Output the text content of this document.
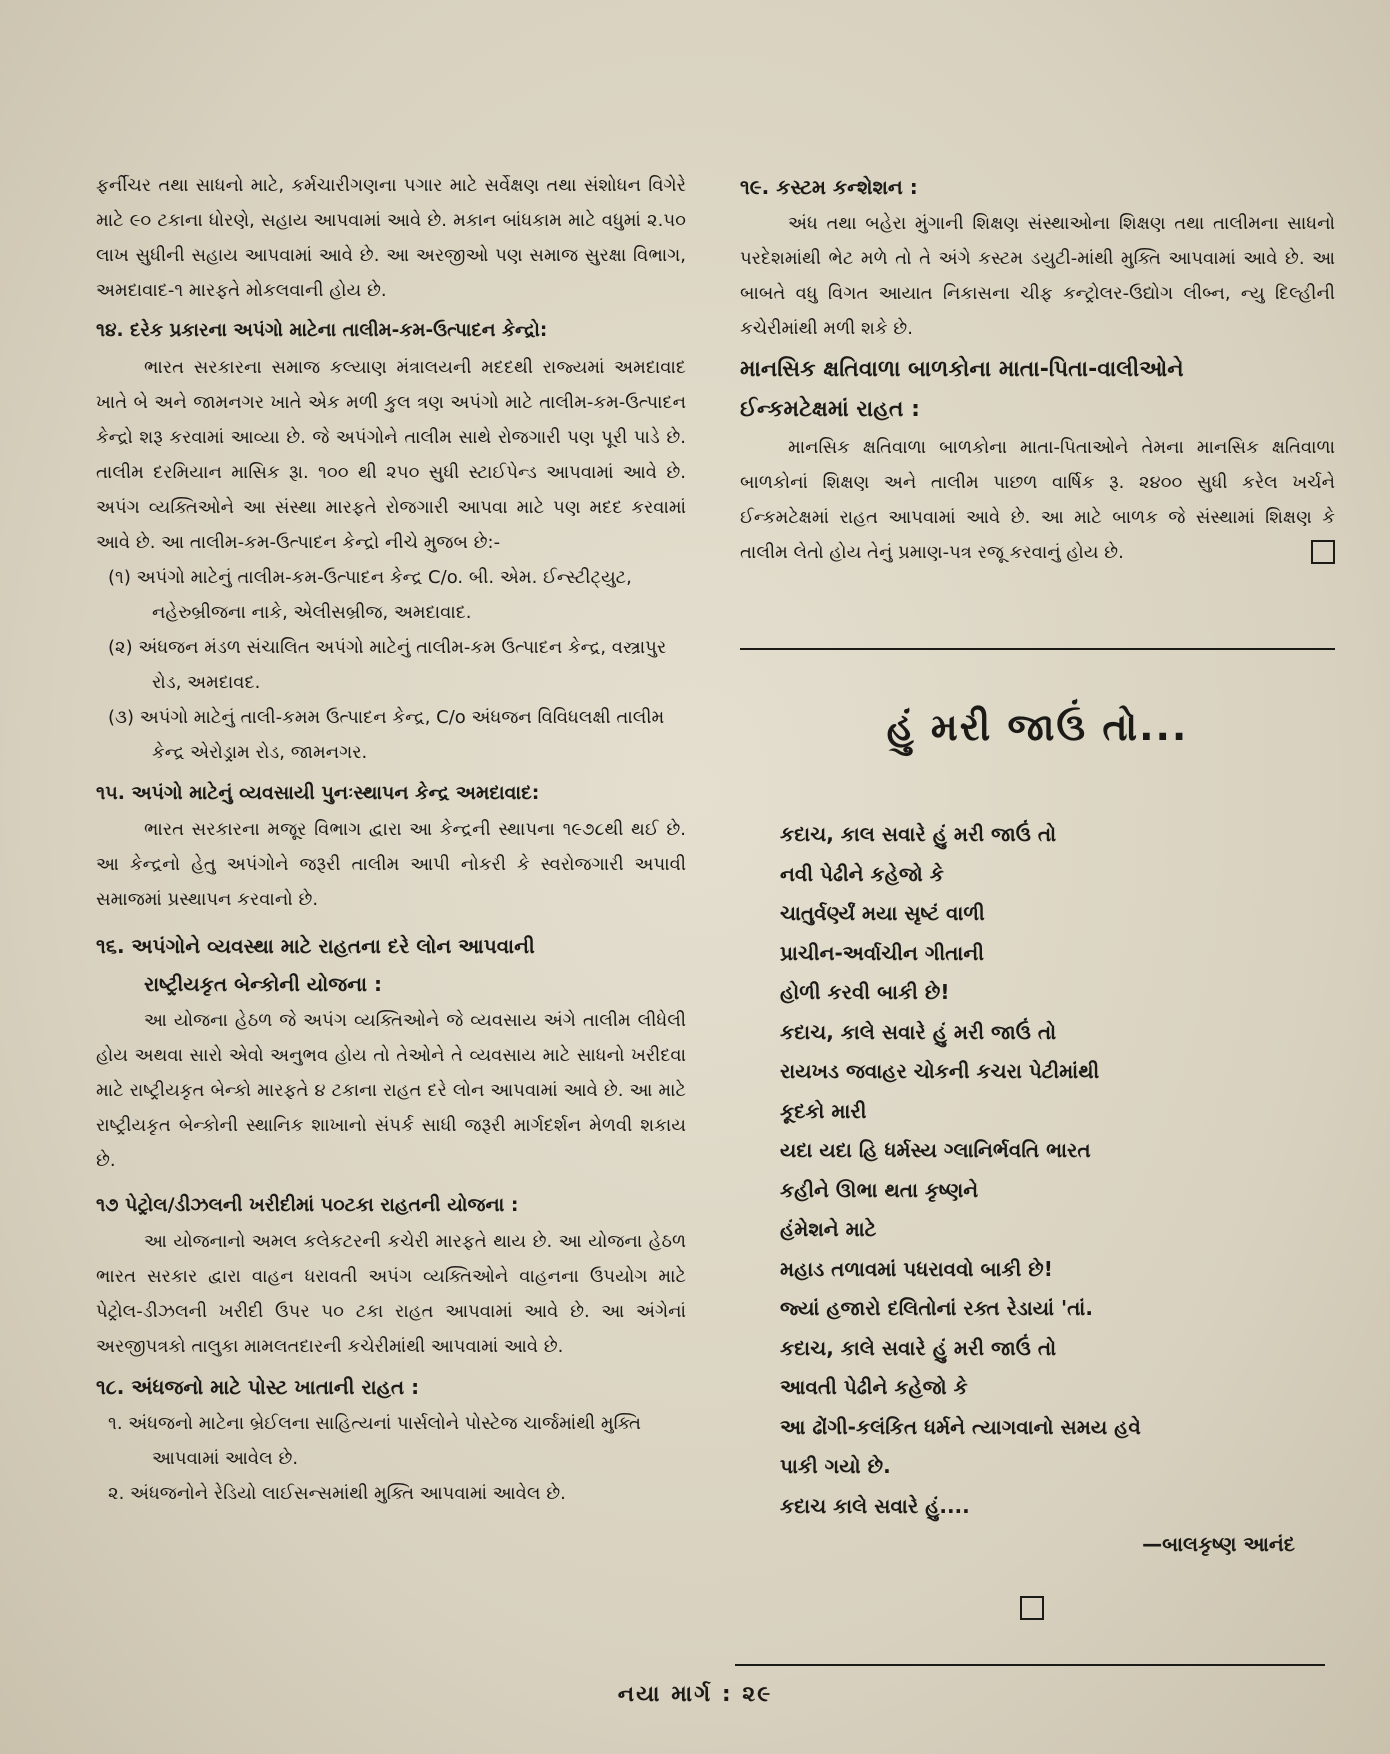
ફર્નીચર તથા સાધનો માટે, કર્મચારીગણના પગાર માટે સર્વેક્ષણ તથા સંશોધન વિગેરે માટે ૯૦ ટકાના ધોરણે, સહાય આપવામાં આવે છે. મકાન બાંધકામ માટે વધુમાં ૨.૫૦ લાખ સુધીની સહાય આપવામાં આવે છે. આ અરજીઓ પણ સમાજ સુરક્ષા વિભાગ, અમદાવાદ-૧ મારફતે મોકલવાની હોય છે.

૧૪. દરેક પ્રકારના અપંગો માટેના તાલીમ-કમ-ઉત્પાદન કેન્દ્રો:

ભારત સરકારના સમાજ કલ્યાણ મંત્રાલયની મદદથી રાજ્યમાં અમદાવાદ ખાતે બે અને જામનગર ખાતે એક મળી કુલ ત્રણ અપંગો માટે તાલીમ-કમ-ઉત્પાદન કેન્દ્રો શરૂ કરવામાં આવ્યા છે. જે અપંગોને તાલીમ સાથે રોજગારી પણ પૂરી પાડે છે. તાલીમ દરમિયાન માસિક રૂા. ૧૦૦ થી ૨૫૦ સુધી સ્ટાઈપેન્ડ આપવામાં આવે છે. અપંગ વ્યક્તિઓને આ સંસ્થા મારફતે રોજગારી આપવા માટે પણ મદદ કરવામાં આવે છે. આ તાલીમ-કમ-ઉત્પાદન કેન્દ્રો નીચે મુજબ છે:-

(૧) અપંગો માટેનું તાલીમ-કમ-ઉત્પાદન કેન્દ્ર C/o. બી. એમ. ઈન્સ્ટીટ્યુટ, નહેરુબ્રીજના નાકે, એલીસબ્રીજ, અમદાવાદ.
(૨) અંધજન મંડળ સંચાલિત અપંગો માટેનું તાલીમ-કમ ઉત્પાદન કેન્દ્ર, વસ્ત્રાપુર રોડ, અમદાવદ.
(૩) અપંગો માટેનું તાલી-કમમ ઉત્પાદન કેન્દ્ર, C/o અંધજન વિવિધલક્ષી તાલીમ કેન્દ્ર એરોડ્રામ રોડ, જામનગર.
૧૫. અપંગો માટેનું વ્યવસાયી પુનઃસ્થાપન કેન્દ્ર અમદાવાદ:

ભારત સરકારના મજૂર વિભાગ દ્વારા આ કેન્દ્રની સ્થાપના ૧૯૭૮થી થઈ છે. આ કેન્દ્રનો હેતુ અપંગોને જરૂરી તાલીમ આપી નોકરી કે સ્વરોજગારી અપાવી સમાજમાં પ્રસ્થાપન કરવાનો છે.

૧૬. અપંગોને વ્યવસ્થા માટે રાહતના દરે લોન આપવાની
રાષ્ટ્રીયકૃત બેન્કોની યોજના :

આ યોજના હેઠળ જે અપંગ વ્યક્તિઓને જે વ્યવસાય અંગે તાલીમ લીધેલી હોય અથવા સારો એવો અનુભવ હોય તો તેઓને તે વ્યવસાય માટે સાધનો ખરીદવા માટે રાષ્ટ્રીયકૃત બેન્કો મારફતે ૪ ટકાના રાહત દરે લોન આપવામાં આવે છે. આ માટે રાષ્ટ્રીયકૃત બેન્કોની સ્થાનિક શાખાનો સંપર્ક સાધી જરૂરી માર્ગદર્શન મેળવી શકાય છે.

૧૭ પેટ્રોલ/ડીઝલની ખરીદીમાં ૫૦ટકા રાહતની યોજના :

આ યોજનાનો અમલ કલેકટરની કચેરી મારફતે થાય છે. આ યોજના હેઠળ ભારત સરકાર દ્વારા વાહન ધરાવતી અપંગ વ્યક્તિઓને વાહનના ઉપયોગ માટે પેટ્રોલ-ડીઝલની ખરીદી ઉપર ૫૦ ટકા રાહત આપવામાં આવે છે. આ અંગેનાં અરજીપત્રકો તાલુકા મામલતદારની કચેરીમાંથી આપવામાં આવે છે.

૧૮. અંધજનો માટે પોસ્ટ ખાતાની રાહત :
૧. અંધજનો માટેના બ્રેઈલના સાહિત્યનાં પાર્સલોને પોસ્ટેજ ચાર્જમાંથી મુક્તિ આપવામાં આવેલ છે.
૨. અંધજનોને રેડિયો લાઈસન્સમાંથી મુક્તિ આપવામાં આવેલ છે.
૧૯. કસ્ટમ કન્શેશન :

અંધ તથા બહેરા મુંગાની શિક્ષણ સંસ્થાઓના શિક્ષણ તથા તાલીમના સાધનો પરદેશમાંથી ભેટ મળે તો તે અંગે કસ્ટમ ડયુટી-માંથી મુક્તિ આપવામાં આવે છે. આ બાબતે વધુ વિગત આયાત નિકાસના ચીફ કન્ટ્રોલર-ઉદ્યોગ લીબ્ન, ન્યુ દિલ્હીની કચેરીમાંથી મળી શકે છે.

માનસિક ક્ષતિવાળા બાળકોના માતા-પિતા-વાલીઓને
ઈન્કમટેક્ષમાં રાહત :

માનસિક ક્ષતિવાળા બાળકોના માતા-પિતાઓને તેમના માનસિક ક્ષતિવાળા બાળકોનાં શિક્ષણ અને તાલીમ પાછળ વાર્ષિક રૂ. ૨૪૦૦ સુધી કરેલ ખર્ચને ઈન્કમટેક્ષમાં રાહત આપવામાં આવે છે. આ માટે બાળક જે સંસ્થામાં શિક્ષણ કે તાલીમ લેતો હોય તેનું પ્રમાણ-પત્ર રજૂ કરવાનું હોય છે.

હું મરી જાઉં તો...
કદાચ, કાલ સવારે હું મરી જાઉં તો
નવી પેઢીને કહેજો કે
ચાતુર્વર્ણ્યં મયા સૃષ્ટં વાળી
પ્રાચીન-અર્વાચીન ગીતાની
હોળી કરવી બાકી છે!
કદાચ, કાલે સવારે હું મરી જાઉં તો
રાયખડ જવાહર ચોકની કચરા પેટીમાંથી
કૂદકો મારી
યદા યદા હિ ધર્મસ્ય ગ્લાનિર્ભવતિ ભારત
કહીને ઊભા થતા કૃષ્ણને
હંમેશને માટે
મહાડ તળાવમાં પધરાવવો બાકી છે!
જ્યાં હજારો દલિતોનાં રક્ત રેડાયાં 'તાં.
કદાચ, કાલે સવારે હું મરી જાઉં તો
આવતી પેઢીને કહેજો કે
આ ઢોંગી-કલંકિત ધર્મને ત્યાગવાનો સમય હવે
પાકી ગયો છે.
કદાચ કાલે સવારે હું....
—બાલકૃષ્ણ આનંદ
નયા માર્ગ : ૨૯
